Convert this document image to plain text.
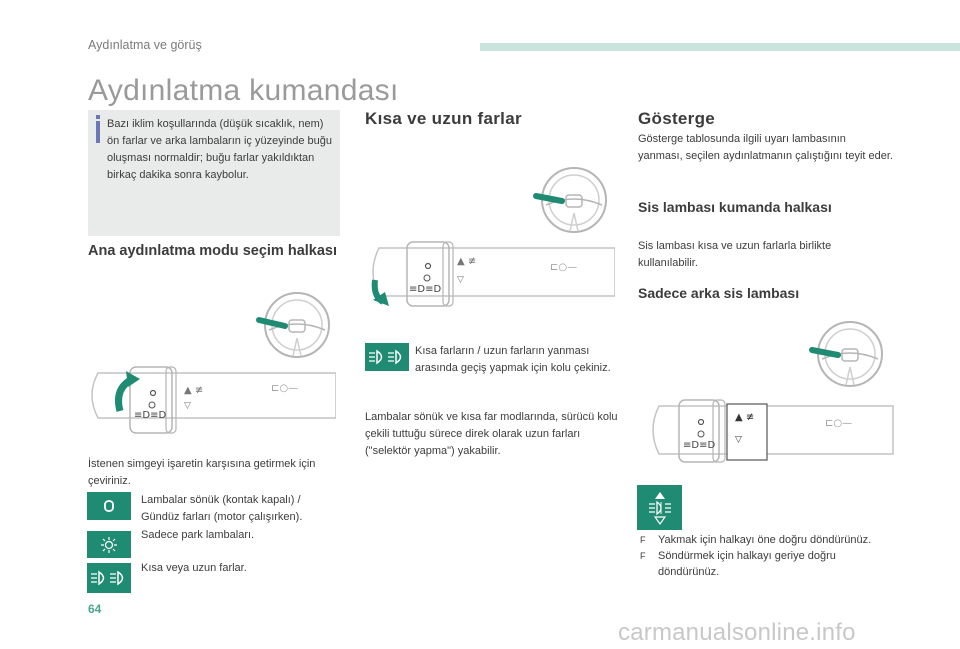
Aydınlatma ve görüş
Aydınlatma kumandası

Bazı iklim koşullarında (düşük sıcaklık, nem) ön farlar ve arka lambaların iç yüzeyinde buğu oluşması normaldir; buğu farlar yakıldıktan birkaç dakika sonra kaybolur.

Ana aydınlatma modu seçim halkası
≡D≡D
▲ ≢
▽
⊏○—

İstenen simgeyi işaretin karşısına getirmek için çeviriniz.

Lambalar sönük (kontak kapalı) / Gündüz farları (motor çalışırken).

Sadece park lambaları.

Kısa veya uzun farlar.

Kısa ve uzun farlar
≡D≡D
▲ ≢
▽
⊏○—

Kısa farların / uzun farların yanması arasında geçiş yapmak için kolu çekiniz.

Lambalar sönük ve kısa far modlarında, sürücü kolu çekili tuttuğu sürece direk olarak uzun farları ("selektör yapma") yakabilir.

Gösterge

Gösterge tablosunda ilgili uyarı lambasının yanması, seçilen aydınlatmanın çalıştığını teyit eder.

Sis lambası kumanda halkası

Sis lambası kısa ve uzun farlarla birlikte kullanılabilir.

Sadece arka sis lambası
≡D≡D
▲ ≢
▽
⊏○—
F Yakmak için halkayı öne doğru döndürünüz.
F Söndürmek için halkayı geriye doğru döndürünüz.
64
carmanualsonline.info
